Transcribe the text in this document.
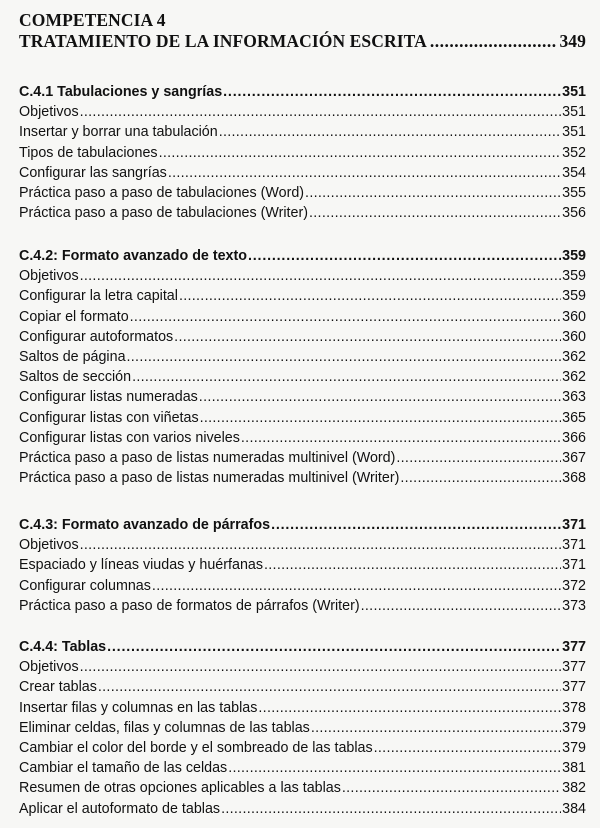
COMPETENCIA 4
TRATAMIENTO DE LA INFORMACIÓN ESCRITA .....	349
C.4.1 Tabulaciones y sangrías .....	351
Objetivos .....	351
Insertar y borrar una tabulación .....	351
Tipos de tabulaciones .....	352
Configurar las sangrías .....	354
Práctica paso a paso de tabulaciones (Word) .....	355
Práctica paso a paso de tabulaciones (Writer) .....	356
C.4.2: Formato avanzado de texto .....	359
Objetivos .....	359
Configurar la letra capital .....	359
Copiar el formato .....	360
Configurar autoformatos .....	360
Saltos de página .....	362
Saltos de sección .....	362
Configurar listas numeradas .....	363
Configurar listas con viñetas .....	365
Configurar listas con varios niveles .....	366
Práctica paso a paso de listas numeradas multinivel (Word) .....	367
Práctica paso a paso de listas numeradas multinivel (Writer) .....	368
C.4.3: Formato avanzado de párrafos .....	371
Objetivos .....	371
Espaciado y líneas viudas y huérfanas .....	371
Configurar columnas .....	372
Práctica paso a paso de formatos de párrafos (Writer) .....	373
C.4.4: Tablas .....	377
Objetivos .....	377
Crear tablas .....	377
Insertar filas y columnas en las tablas .....	378
Eliminar celdas, filas y columnas de las tablas .....	379
Cambiar el color del borde y el sombreado de las tablas .....	379
Cambiar el tamaño de las celdas .....	381
Resumen de otras opciones aplicables a las tablas .....	382
Aplicar el autoformato de tablas .....	384
